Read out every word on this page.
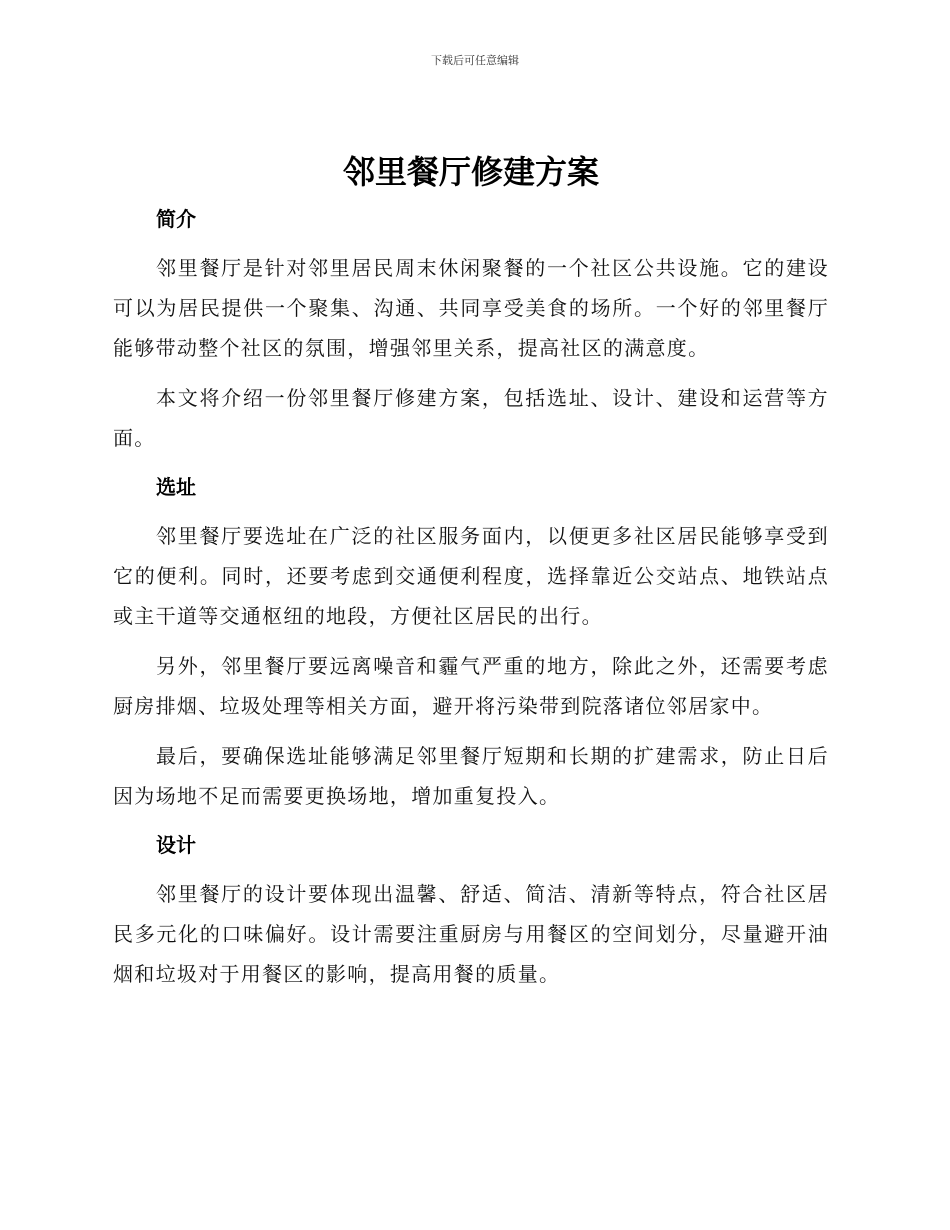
下载后可任意编辑
邻里餐厅修建方案
简介

邻里餐厅是针对邻里居民周末休闲聚餐的一个社区公共设施。它的建设可以为居民提供一个聚集、沟通、共同享受美食的场所。一个好的邻里餐厅能够带动整个社区的氛围，增强邻里关系，提高社区的满意度。

本文将介绍一份邻里餐厅修建方案，包括选址、设计、建设和运营等方面。

选址

邻里餐厅要选址在广泛的社区服务面内，以便更多社区居民能够享受到它的便利。同时，还要考虑到交通便利程度，选择靠近公交站点、地铁站点或主干道等交通枢纽的地段，方便社区居民的出行。

另外，邻里餐厅要远离噪音和霾气严重的地方，除此之外，还需要考虑厨房排烟、垃圾处理等相关方面，避开将污染带到院落诸位邻居家中。

最后，要确保选址能够满足邻里餐厅短期和长期的扩建需求，防止日后因为场地不足而需要更换场地，增加重复投入。

设计

邻里餐厅的设计要体现出温馨、舒适、简洁、清新等特点，符合社区居民多元化的口味偏好。设计需要注重厨房与用餐区的空间划分，尽量避开油烟和垃圾对于用餐区的影响，提高用餐的质量。
